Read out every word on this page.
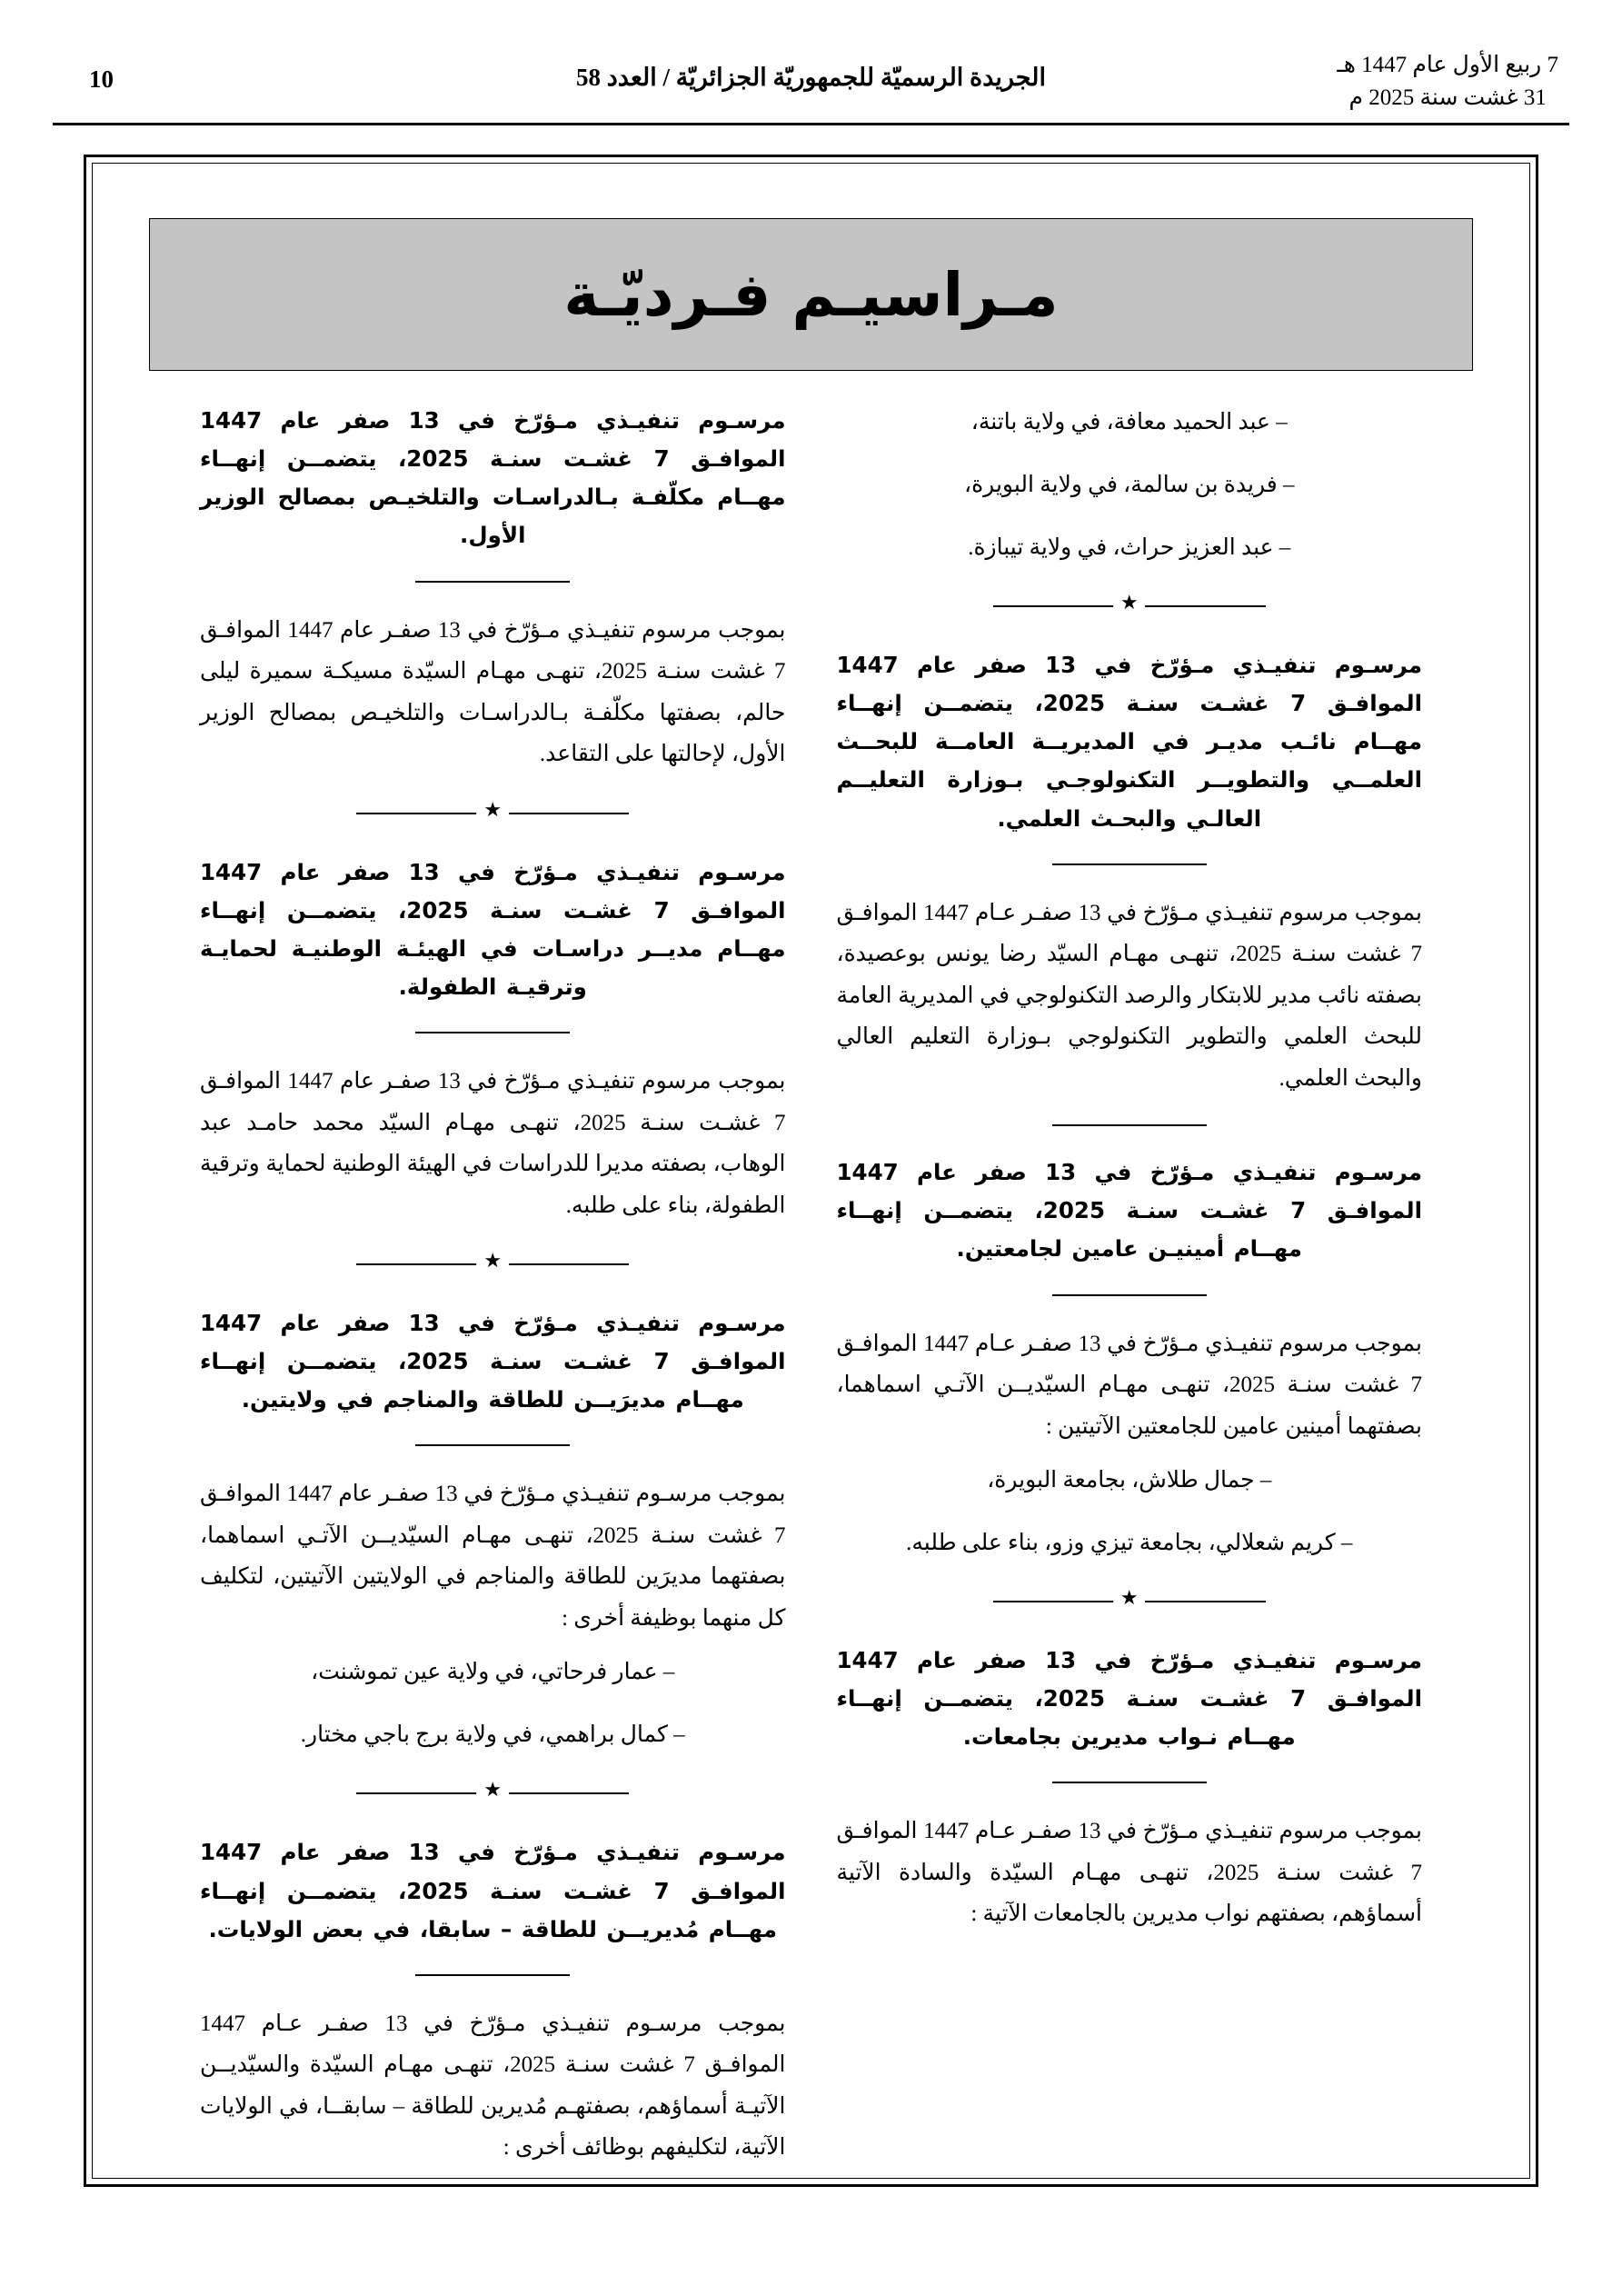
7 ربيع الأول عام 1447 هـ
31 غشت سنة 2025 م
الجريدة الرسميّة للجمهوريّة الجزائريّة / العدد 58
10
مـراسيـم فـرديّـة

مرسـوم تنفيـذي مـؤرّخ في 13 صفر عام 1447 الموافـق 7 غشـت سنـة 2025، يتضمــن إنهــاء مهــام مكلّفـة بـالدراسـات والتلخيـص بمصالح الوزير الأول.

بموجب مرسوم تنفيـذي مـؤرّخ في 13 صفـر عام 1447 الموافـق 7 غشت سنـة 2025، تنهـى مهـام السيّدة مسيكـة سميرة ليلى حالم، بصفتها مكلّفـة بـالدراسـات والتلخيـص بمصالح الوزير الأول، لإحالتها على التقاعد.

★

مرسـوم تنفيـذي مـؤرّخ في 13 صفر عام 1447 الموافـق 7 غشـت سنـة 2025، يتضمــن إنهــاء مهــام مديــر دراسـات في الهيئـة الوطنيـة لحمايـة وترقيـة الطفولة.

بموجب مرسوم تنفيـذي مـؤرّخ في 13 صفـر عام 1447 الموافـق 7 غشـت سنـة 2025، تنهـى مهـام السيّد محمد حامـد عبد الوهاب، بصفته مديرا للدراسات في الهيئة الوطنية لحماية وترقية الطفولة، بناء على طلبه.

★

مرسـوم تنفيـذي مـؤرّخ في 13 صفر عام 1447 الموافـق 7 غشـت سنـة 2025، يتضمــن إنهــاء مهــام مديرَيــن للطاقة والمناجم في ولايتين.

بموجب مرسـوم تنفيـذي مـؤرّخ في 13 صفـر عام 1447 الموافـق 7 غشت سنـة 2025، تنهـى مهـام السيّديــن الآتـي اسماهما، بصفتهما مديرَين للطاقة والمناجم في الولايتين الآتيتين، لتكليف كل منهما بوظيفة أخرى :

– عمار فرحاتي، في ولاية عين تموشنت،

– كمال براهمي، في ولاية برج باجي مختار.

★

مرسـوم تنفيـذي مـؤرّخ في 13 صفر عام 1447 الموافـق 7 غشـت سنـة 2025، يتضمــن إنهــاء مهــام مُديريــن للطاقة – سابقا، في بعض الولايات.

بموجب مرسـوم تنفيـذي مـؤرّخ في 13 صفـر عـام 1447 الموافـق 7 غشت سنـة 2025، تنهـى مهـام السيّدة والسيّديــن الآتيـة أسماؤهم، بصفتهـم مُديرين للطاقة – سابقــا، في الولايات الآتية، لتكليفهم بوظائف أخرى :

– عبد الحميد معافة، في ولاية باتنة،

– فريدة بن سالمة، في ولاية البويرة،

– عبد العزيز حراث، في ولاية تيبازة.

★

مرسـوم تنفيـذي مـؤرّخ في 13 صفر عام 1447 الموافـق 7 غشـت سنـة 2025، يتضمــن إنهــاء مهــام نائـب مديـر في المديريــة العامــة للبحــث العلمــي والتطويــر التكنولوجـي بـوزارة التعليــم العالـي والبحـث العلمي.

بموجب مرسوم تنفيـذي مـؤرّخ في 13 صفـر عـام 1447 الموافـق 7 غشت سنـة 2025، تنهـى مهـام السيّد رضا يونس بوعصيدة، بصفته نائب مدير للابتكار والرصد التكنولوجي في المديرية العامة للبحث العلمي والتطوير التكنولوجي بـوزارة التعليم العالي والبحث العلمي.

مرسـوم تنفيـذي مـؤرّخ في 13 صفر عام 1447 الموافـق 7 غشـت سنـة 2025، يتضمــن إنهــاء مهــام أمينيـن عامين لجامعتين.

بموجب مرسوم تنفيـذي مـؤرّخ في 13 صفـر عـام 1447 الموافـق 7 غشت سنـة 2025، تنهـى مهـام السيّديــن الآتـي اسماهما، بصفتهما أمينين عامين للجامعتين الآتيتين :

– جمال طلاش، بجامعة البويرة،

– كريم شعلالي، بجامعة تيزي وزو، بناء على طلبه.

★

مرسـوم تنفيـذي مـؤرّخ في 13 صفر عام 1447 الموافـق 7 غشـت سنـة 2025، يتضمــن إنهــاء مهــام نـواب مديرين بجامعات.

بموجب مرسوم تنفيـذي مـؤرّخ في 13 صفـر عـام 1447 الموافـق 7 غشت سنـة 2025، تنهـى مهـام السيّدة والسادة الآتية أسماؤهم، بصفتهم نواب مديرين بالجامعات الآتية :
